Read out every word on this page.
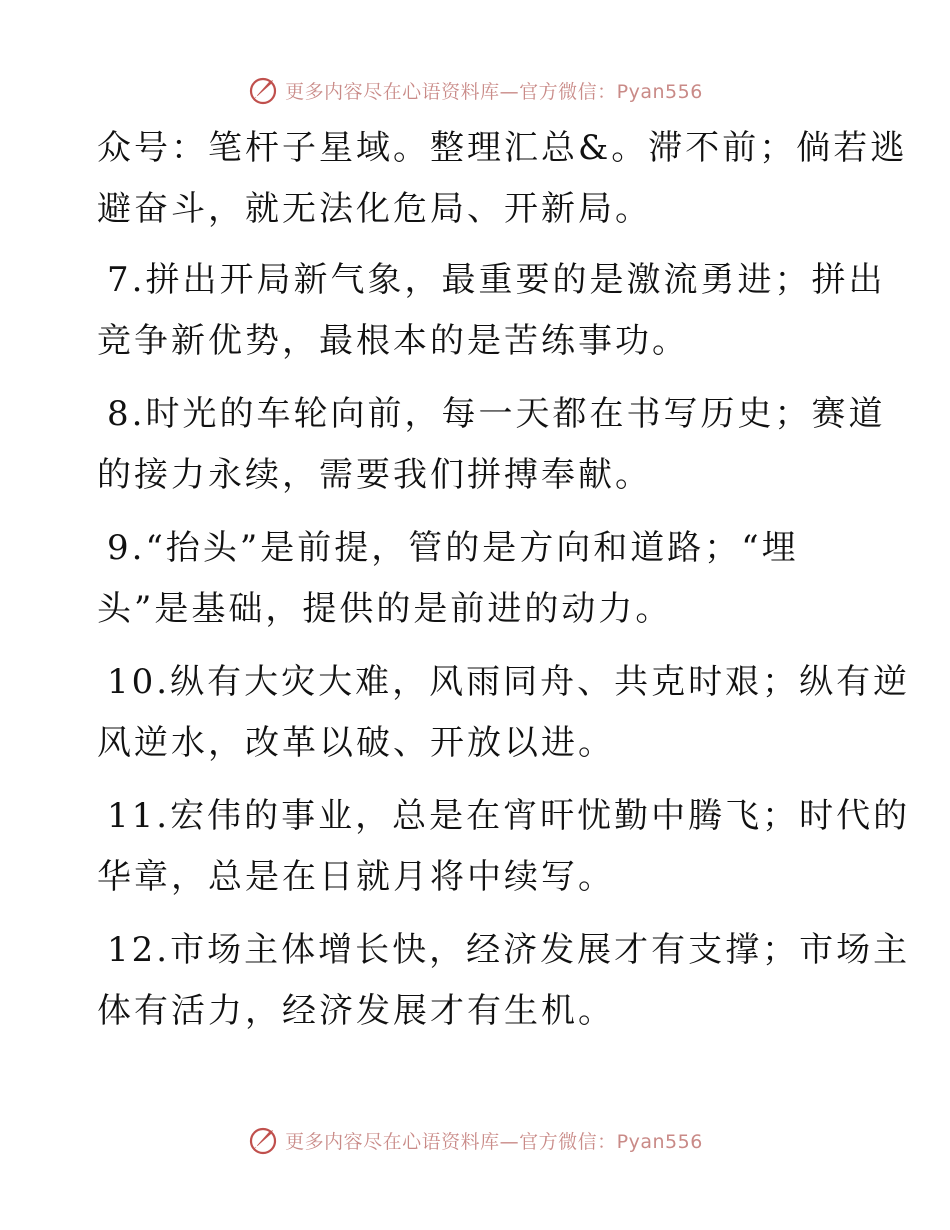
更多内容尽在心语资料库—官方微信：Pyan556

众号：笔杆子星域。整理汇总&。滞不前；倘若逃
避奋斗，就无法化危局、开新局。

7.拼出开局新气象，最重要的是激流勇进；拼出
竞争新优势，最根本的是苦练事功。

8.时光的车轮向前，每一天都在书写历史；赛道
的接力永续，需要我们拼搏奉献。

9.“抬头”是前提，管的是方向和道路；“埋
头”是基础，提供的是前进的动力。

10.纵有大灾大难，风雨同舟、共克时艰；纵有逆
风逆水，改革以破、开放以进。

11.宏伟的事业，总是在宵旰忧勤中腾飞；时代的
华章，总是在日就月将中续写。

12.市场主体增长快，经济发展才有支撑；市场主
体有活力，经济发展才有生机。

更多内容尽在心语资料库—官方微信：Pyan556
